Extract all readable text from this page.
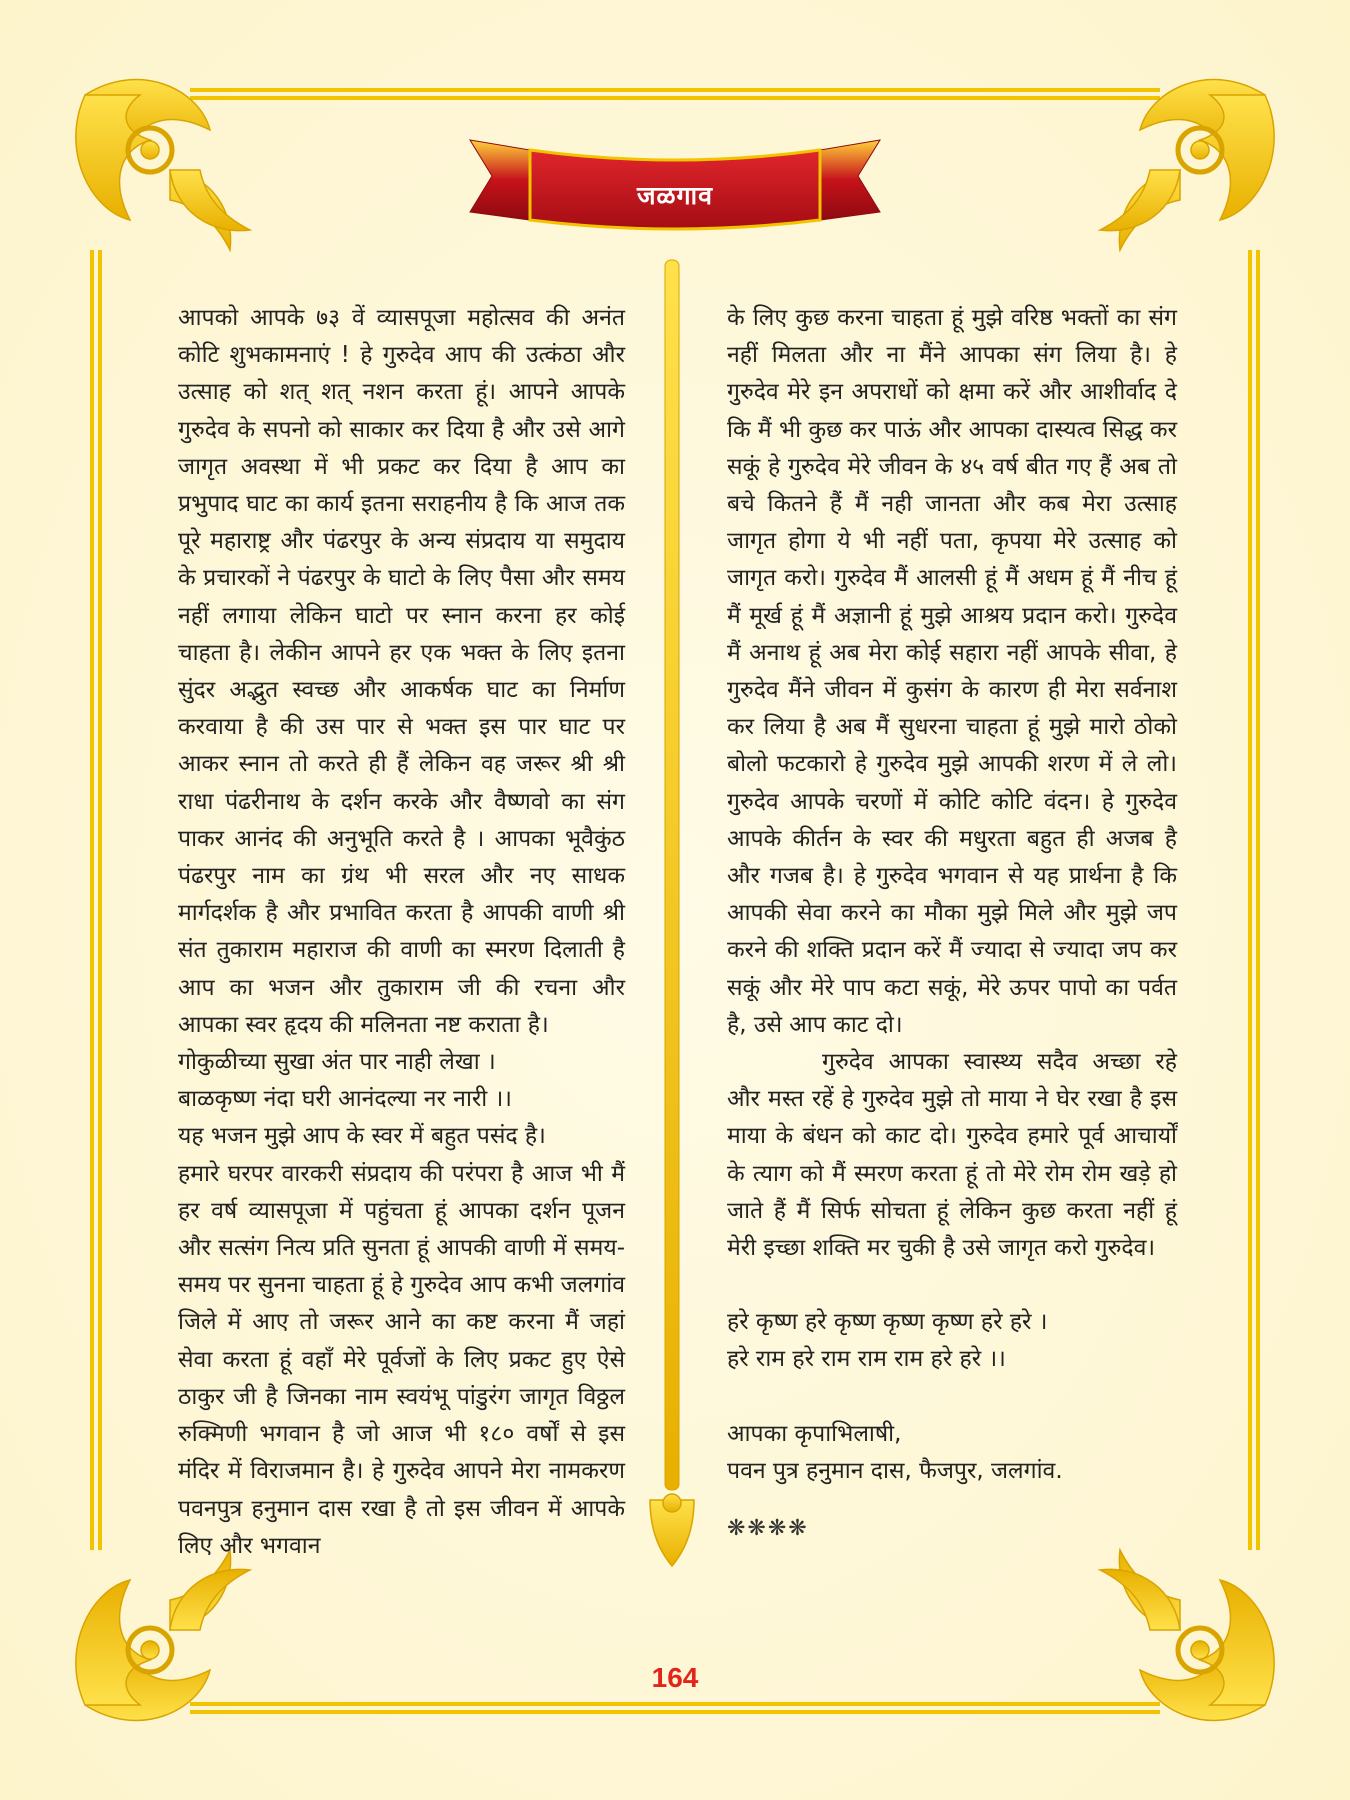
जळगाव

आपको आपके ७३ वें व्यासपूजा महोत्सव की अनंत कोटि शुभकामनाएं ! हे गुरुदेव आप की उत्कंठा और उत्साह को शत् शत् नशन करता हूं। आपने आपके गुरुदेव के सपनो को साकार कर दिया है और उसे आगे जागृत अवस्था में भी प्रकट कर दिया है आप का प्रभुपाद घाट का कार्य इतना सराहनीय है कि आज तक पूरे महाराष्ट्र और पंढरपुर के अन्य संप्रदाय या समुदाय के प्रचारकों ने पंढरपुर के घाटो के लिए पैसा और समय नहीं लगाया लेकिन घाटो पर स्नान करना हर कोई चाहता है। लेकीन आपने हर एक भक्त के लिए इतना सुंदर अद्भुत स्वच्छ और आकर्षक घाट का निर्माण करवाया है की उस पार से भक्त इस पार घाट पर आकर स्नान तो करते ही हैं लेकिन वह जरूर श्री श्री राधा पंढरीनाथ के दर्शन करके और वैष्णवो का संग पाकर आनंद की अनुभूति करते है । आपका भूवैकुंठ पंढरपुर नाम का ग्रंथ भी सरल और नए साधक मार्गदर्शक है और प्रभावित करता है आपकी वाणी श्री संत तुकाराम महाराज की वाणी का स्मरण दिलाती है आप का भजन और तुकाराम जी की रचना और आपका स्वर हृदय की मलिनता नष्ट कराता है।

गोकुळीच्या सुखा अंत पार नाही लेखा ।

बाळकृष्ण नंदा घरी आनंदल्या नर नारी ।।

यह भजन मुझे आप के स्वर में बहुत पसंद है।

हमारे घरपर वारकरी संप्रदाय की परंपरा है आज भी मैं हर वर्ष व्यासपूजा में पहुंचता हूं आपका दर्शन पूजन और सत्संग नित्य प्रति सुनता हूं आपकी वाणी में समय-समय पर सुनना चाहता हूं हे गुरुदेव आप कभी जलगांव जिले में आए तो जरूर आने का कष्ट करना मैं जहां सेवा करता हूं वहाँ मेरे पूर्वजों के लिए प्रकट हुए ऐसे ठाकुर जी है जिनका नाम स्वयंभू पांडुरंग जागृत विठ्ठल रुक्मिणी भगवान है जो आज भी १८० वर्षों से इस मंदिर में विराजमान है। हे गुरुदेव आपने मेरा नामकरण पवनपुत्र हनुमान दास रखा है तो इस जीवन में आपके लिए और भगवान

के लिए कुछ करना चाहता हूं मुझे वरिष्ठ भक्तों का संग नहीं मिलता और ना मैंने आपका संग लिया है। हे गुरुदेव मेरे इन अपराधों को क्षमा करें और आशीर्वाद दे कि मैं भी कुछ कर पाऊं और आपका दास्यत्व सिद्ध कर सकूं हे गुरुदेव मेरे जीवन के ४५ वर्ष बीत गए हैं अब तो बचे कितने हैं मैं नही जानता और कब मेरा उत्साह जागृत होगा ये भी नहीं पता, कृपया मेरे उत्साह को जागृत करो। गुरुदेव मैं आलसी हूं मैं अधम हूं मैं नीच हूं मैं मूर्ख हूं मैं अज्ञानी हूं मुझे आश्रय प्रदान करो। गुरुदेव मैं अनाथ हूं अब मेरा कोई सहारा नहीं आपके सीवा, हे गुरुदेव मैंने जीवन में कुसंग के कारण ही मेरा सर्वनाश कर लिया है अब मैं सुधरना चाहता हूं मुझे मारो ठोको बोलो फटकारो हे गुरुदेव मुझे आपकी शरण में ले लो। गुरुदेव आपके चरणों में कोटि कोटि वंदन। हे गुरुदेव आपके कीर्तन के स्वर की मधुरता बहुत ही अजब है और गजब है। हे गुरुदेव भगवान से यह प्रार्थना है कि आपकी सेवा करने का मौका मुझे मिले और मुझे जप करने की शक्ति प्रदान करें मैं ज्यादा से ज्यादा जप कर सकूं और मेरे पाप कटा सकूं, मेरे ऊपर पापो का पर्वत है, उसे आप काट दो।

गुरुदेव आपका स्वास्थ्य सदैव अच्छा रहे और मस्त रहें हे गुरुदेव मुझे तो माया ने घेर रखा है इस माया के बंधन को काट दो। गुरुदेव हमारे पूर्व आचार्यों के त्याग को मैं स्मरण करता हूं तो मेरे रोम रोम खड़े हो जाते हैं मैं सिर्फ सोचता हूं लेकिन कुछ करता नहीं हूं मेरी इच्छा शक्ति मर चुकी है उसे जागृत करो गुरुदेव।

हरे कृष्ण हरे कृष्ण कृष्ण कृष्ण हरे हरे ।

हरे राम हरे राम राम राम हरे हरे ।।

आपका कृपाभिलाषी,

पवन पुत्र हनुमान दास, फैजपुर, जलगांव.

❋❋❋❋
164
